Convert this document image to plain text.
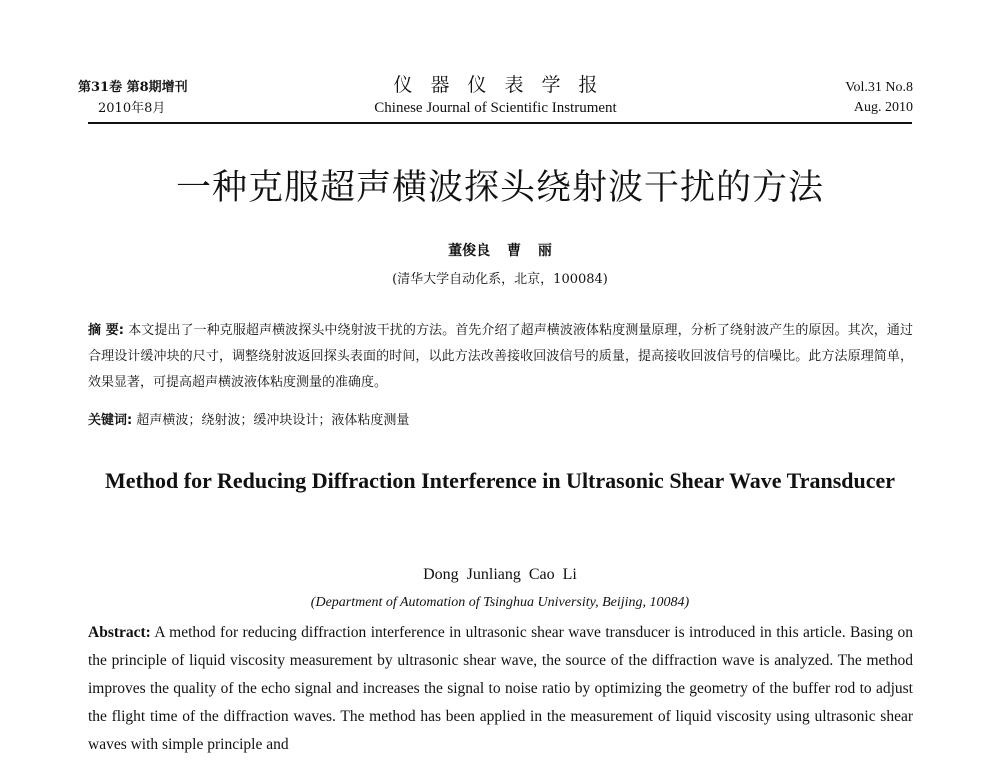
第31卷 第8期增刊
2010年8月
仪器仪表学报
Chinese Journal of Scientific Instrument
Vol.31 No.8
Aug. 2010
一种克服超声横波探头绕射波干扰的方法
董俊良 曹 丽
(清华大学自动化系，北京，100084)
摘 要: 本文提出了一种克服超声横波探头中绕射波干扰的方法。首先介绍了超声横波液体粘度测量原理，分析了绕射波产生的原因。其次，通过合理设计缓冲块的尺寸，调整绕射波返回探头表面的时间，以此方法改善接收回波信号的质量，提高接收回波信号的信噪比。此方法原理简单，效果显著，可提高超声横波液体粘度测量的准确度。
关键词: 超声横波；绕射波；缓冲块设计；液体粘度测量
Method for Reducing Diffraction Interference in Ultrasonic Shear Wave Transducer
Dong Junliang Cao Li
(Department of Automation of Tsinghua University, Beijing, 10084)
Abstract: A method for reducing diffraction interference in ultrasonic shear wave transducer is introduced in this article. Basing on the principle of liquid viscosity measurement by ultrasonic shear wave, the source of the diffraction wave is analyzed. The method improves the quality of the echo signal and increases the signal to noise ratio by optimizing the geometry of the buffer rod to adjust the flight time of the diffraction waves. The method has been applied in the measurement of liquid viscosity using ultrasonic shear waves with simple principle and
